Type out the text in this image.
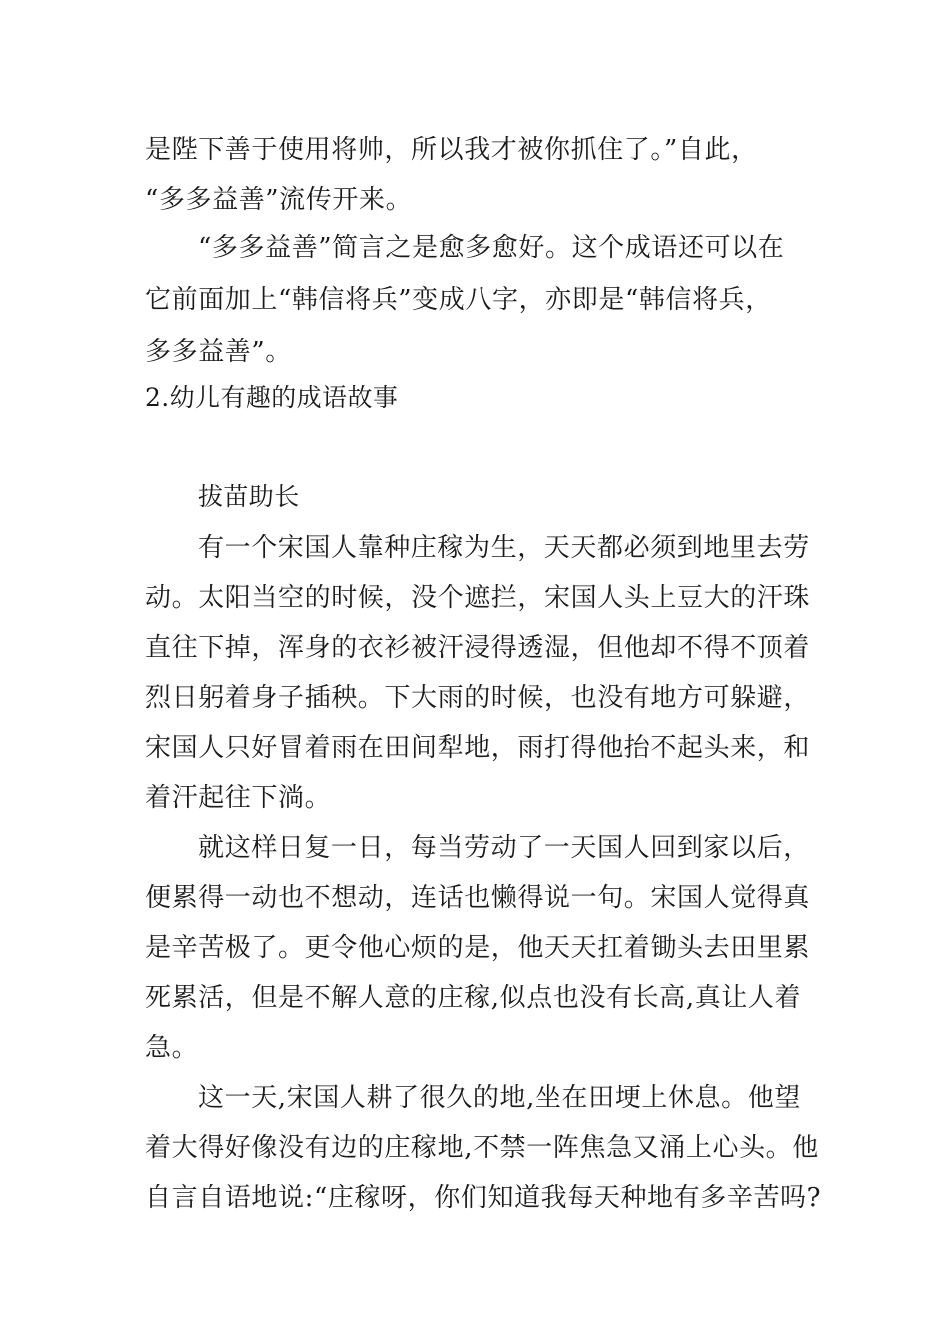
是陛下善于使用将帅，所以我才被你抓住了。”自此，
“多多益善”流传开来。
“多多益善”简言之是愈多愈好。这个成语还可以在
它前面加上“韩信将兵”变成八字，亦即是“韩信将兵，
多多益善”。
2.幼儿有趣的成语故事
拔苗助长
有一个宋国人靠种庄稼为生，天天都必须到地里去劳
动。太阳当空的时候，没个遮拦，宋国人头上豆大的汗珠
直往下掉，浑身的衣衫被汗浸得透湿，但他却不得不顶着
烈日躬着身子插秧。下大雨的时候，也没有地方可躲避，
宋国人只好冒着雨在田间犁地，雨打得他抬不起头来，和
着汗起往下淌。
就这样日复一日，每当劳动了一天国人回到家以后，
便累得一动也不想动，连话也懒得说一句。宋国人觉得真
是辛苦极了。更令他心烦的是，他天天扛着锄头去田里累
死累活，但是不解人意的庄稼,似点也没有长高,真让人着
急。
这一天,宋国人耕了很久的地,坐在田埂上休息。他望
着大得好像没有边的庄稼地,不禁一阵焦急又涌上心头。他
自言自语地说:“庄稼呀，你们知道我每天种地有多辛苦吗?
